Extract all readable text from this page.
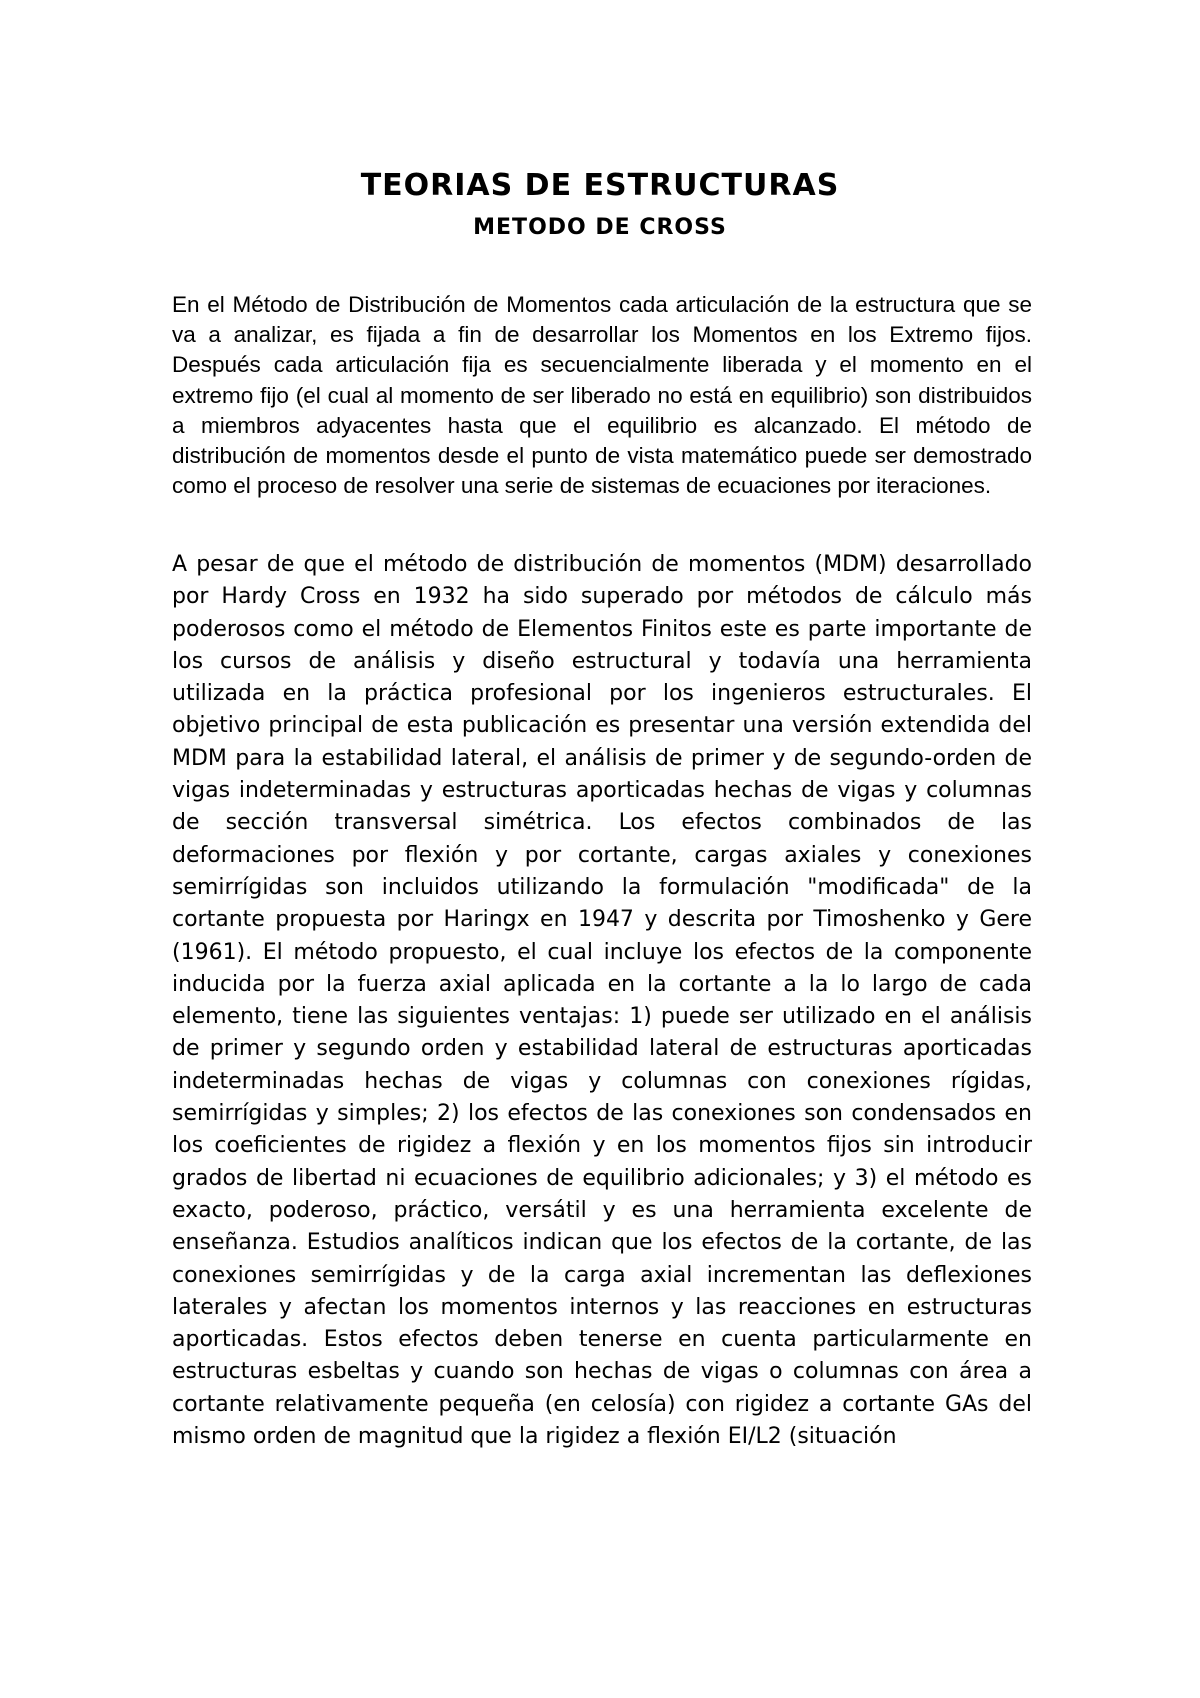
TEORIAS DE ESTRUCTURAS
METODO DE CROSS

En el Método de Distribución de Momentos cada articulación de la estructura que se va a analizar, es fijada a fin de desarrollar los Momentos en los Extremo fijos. Después cada articulación fija es secuencialmente liberada y el momento en el extremo fijo (el cual al momento de ser liberado no está en equilibrio) son distribuidos a miembros adyacentes hasta que el equilibrio es alcanzado. El método de distribución de momentos desde el punto de vista matemático puede ser demostrado como el proceso de resolver una serie de sistemas de ecuaciones por iteraciones.

A pesar de que el método de distribución de momentos (MDM) desarrollado por Hardy Cross en 1932 ha sido superado por métodos de cálculo más poderosos como el método de Elementos Finitos este es parte importante de los cursos de análisis y diseño estructural y todavía una herramienta utilizada en la práctica profesional por los ingenieros estructurales. El objetivo principal de esta publicación es presentar una versión extendida del MDM para la estabilidad lateral, el análisis de primer y de segundo-orden de vigas indeterminadas y estructuras aporticadas hechas de vigas y columnas de sección transversal simétrica. Los efectos combinados de las deformaciones por flexión y por cortante, cargas axiales y conexiones semirrígidas son incluidos utilizando la formulación "modificada" de la cortante propuesta por Haringx en 1947 y descrita por Timoshenko y Gere (1961). El método propuesto, el cual incluye los efectos de la componente inducida por la fuerza axial aplicada en la cortante a la lo largo de cada elemento, tiene las siguientes ventajas: 1) puede ser utilizado en el análisis de primer y segundo orden y estabilidad lateral de estructuras aporticadas indeterminadas hechas de vigas y columnas con conexiones rígidas, semirrígidas y simples; 2) los efectos de las conexiones son condensados en los coeficientes de rigidez a flexión y en los momentos fijos sin introducir grados de libertad ni ecuaciones de equilibrio adicionales; y 3) el método es exacto, poderoso, práctico, versátil y es una herramienta excelente de enseñanza. Estudios analíticos indican que los efectos de la cortante, de las conexiones semirrígidas y de la carga axial incrementan las deflexiones laterales y afectan los momentos internos y las reacciones en estructuras aporticadas. Estos efectos deben tenerse en cuenta particularmente en estructuras esbeltas y cuando son hechas de vigas o columnas con área a cortante relativamente pequeña (en celosía) con rigidez a cortante GAs del mismo orden de magnitud que la rigidez a flexión EI/L2 (situación
